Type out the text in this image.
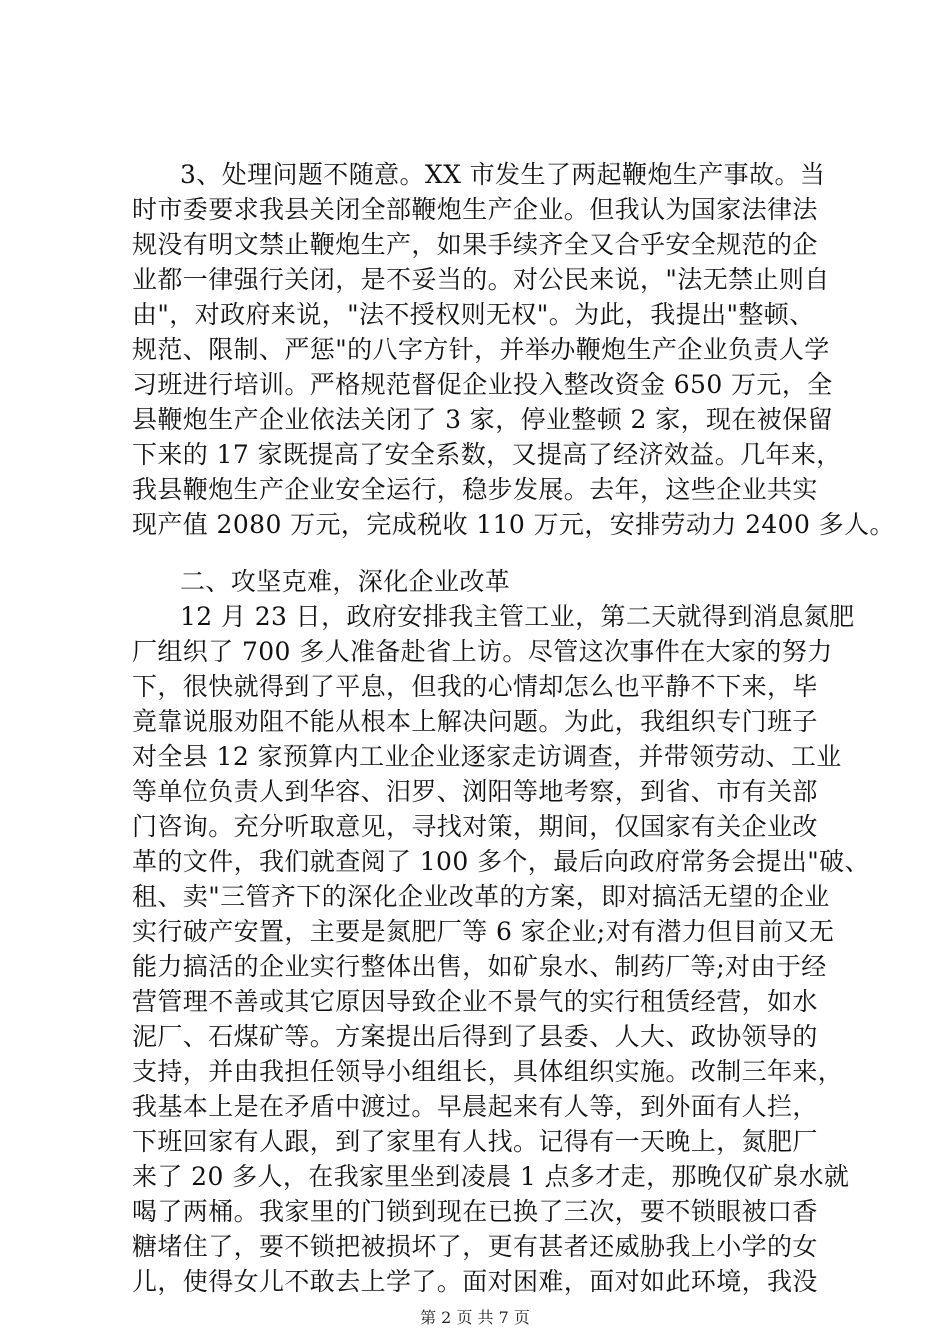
3、处理问题不随意。XX 市发生了两起鞭炮生产事故。当
时市委要求我县关闭全部鞭炮生产企业。但我认为国家法律法
规没有明文禁止鞭炮生产，如果手续齐全又合乎安全规范的企
业都一律强行关闭，是不妥当的。对公民来说，"法无禁止则自
由"，对政府来说，"法不授权则无权"。为此，我提出"整顿、
规范、限制、严惩"的八字方针，并举办鞭炮生产企业负责人学
习班进行培训。严格规范督促企业投入整改资金 650 万元，全
县鞭炮生产企业依法关闭了 3 家，停业整顿 2 家，现在被保留
下来的 17 家既提高了安全系数，又提高了经济效益。几年来，
我县鞭炮生产企业安全运行，稳步发展。去年，这些企业共实
现产值 2080 万元，完成税收 110 万元，安排劳动力 2400 多人。
二、攻坚克难，深化企业改革
12 月 23 日，政府安排我主管工业，第二天就得到消息氮肥
厂组织了 700 多人准备赴省上访。尽管这次事件在大家的努力
下，很快就得到了平息，但我的心情却怎么也平静不下来，毕
竟靠说服劝阻不能从根本上解决问题。为此，我组织专门班子
对全县 12 家预算内工业企业逐家走访调查，并带领劳动、工业
等单位负责人到华容、汨罗、浏阳等地考察，到省、市有关部
门咨询。充分听取意见，寻找对策，期间，仅国家有关企业改
革的文件，我们就查阅了 100 多个，最后向政府常务会提出"破、
租、卖"三管齐下的深化企业改革的方案，即对搞活无望的企业
实行破产安置，主要是氮肥厂等 6 家企业;对有潜力但目前又无
能力搞活的企业实行整体出售，如矿泉水、制药厂等;对由于经
营管理不善或其它原因导致企业不景气的实行租赁经营，如水
泥厂、石煤矿等。方案提出后得到了县委、人大、政协领导的
支持，并由我担任领导小组组长，具体组织实施。改制三年来，
我基本上是在矛盾中渡过。早晨起来有人等，到外面有人拦，
下班回家有人跟，到了家里有人找。记得有一天晚上，氮肥厂
来了 20 多人，在我家里坐到凌晨 1 点多才走，那晚仅矿泉水就
喝了两桶。我家里的门锁到现在已换了三次，要不锁眼被口香
糖堵住了，要不锁把被损坏了，更有甚者还威胁我上小学的女
儿，使得女儿不敢去上学了。面对困难，面对如此环境，我没
第 2 页 共 7 页
